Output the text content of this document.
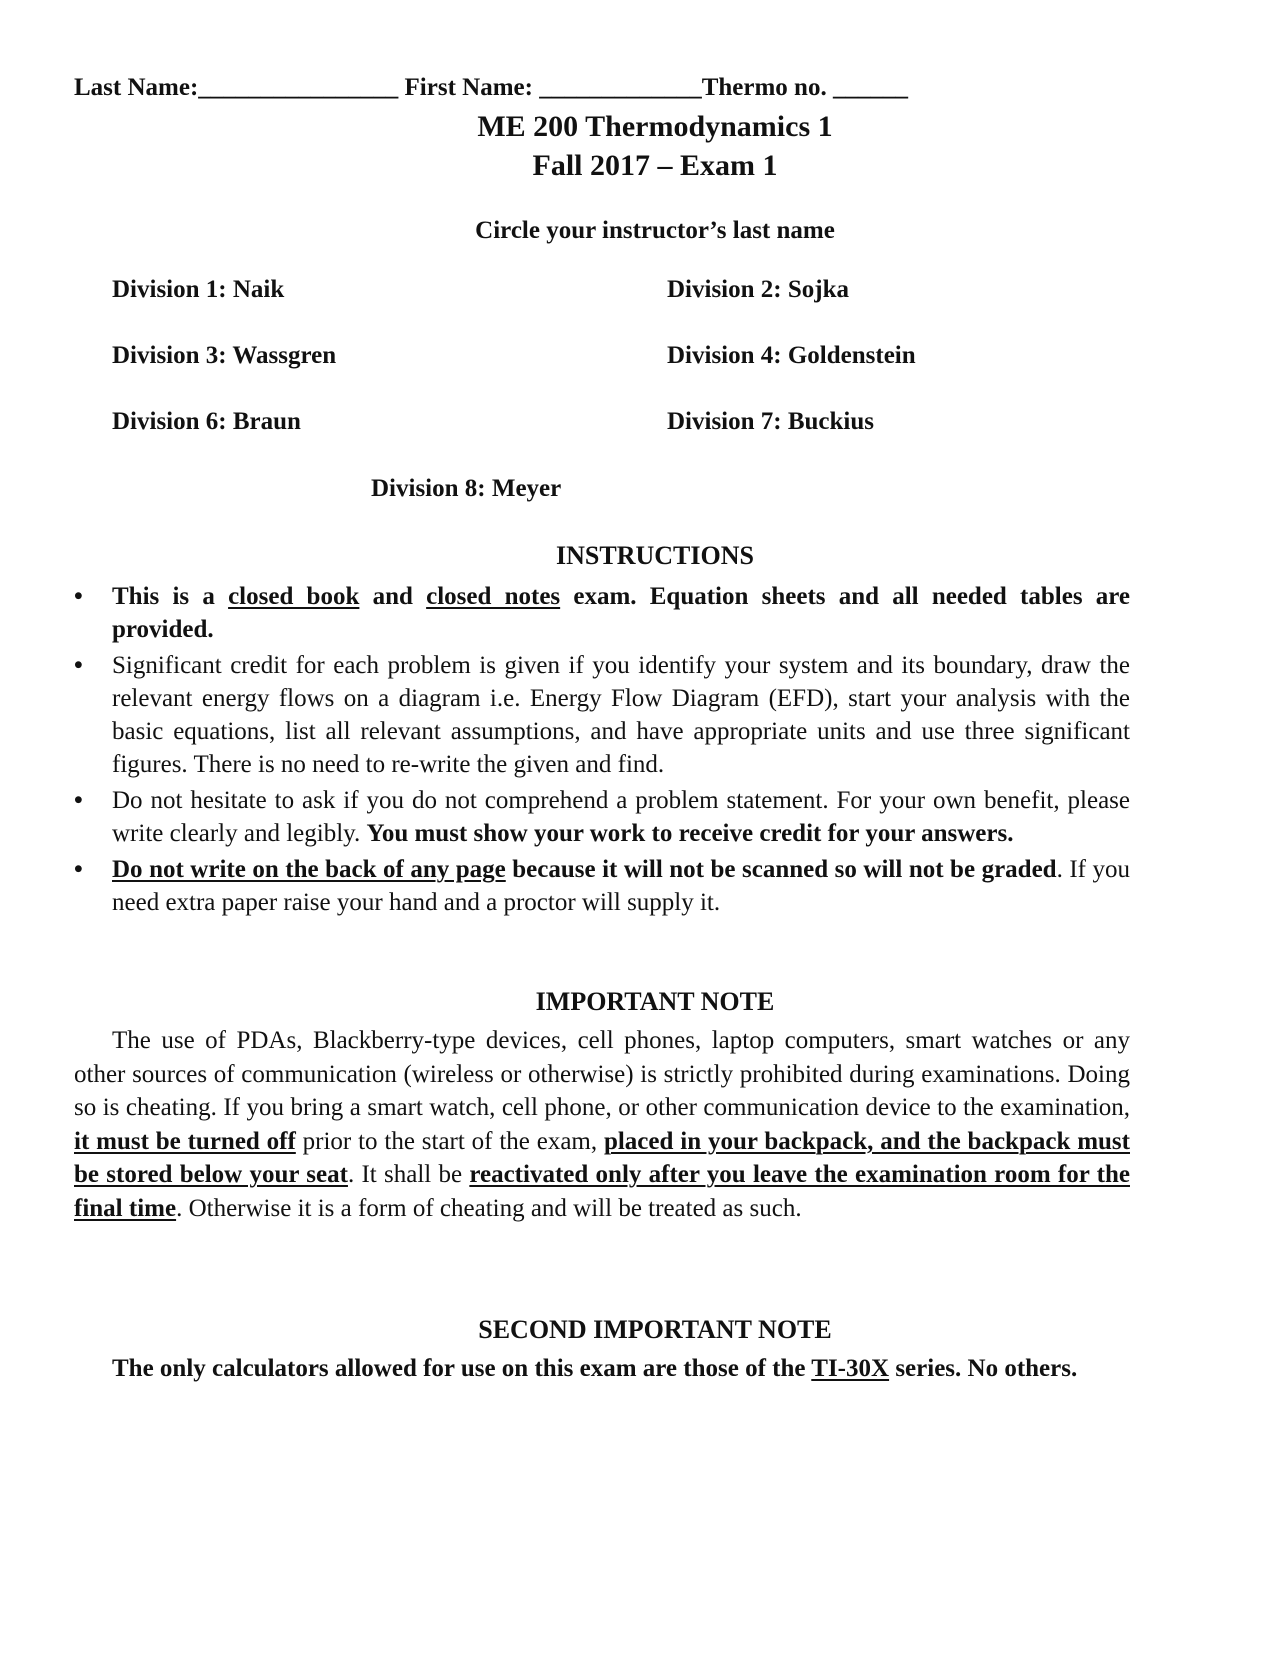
Last Name:________________ First Name: _____________Thermo no. ______
ME 200 Thermodynamics 1
Fall 2017 – Exam 1
Circle your instructor’s last name
Division 1: Naik	Division 2: Sojka
Division 3: Wassgren	Division 4: Goldenstein
Division 6: Braun	Division 7: Buckius
Division 8: Meyer
INSTRUCTIONS
• This is a closed book and closed notes exam. Equation sheets and all needed tables are provided.
• Significant credit for each problem is given if you identify your system and its boundary, draw the relevant energy flows on a diagram i.e. Energy Flow Diagram (EFD), start your analysis with the basic equations, list all relevant assumptions, and have appropriate units and use three significant figures. There is no need to re-write the given and find.
• Do not hesitate to ask if you do not comprehend a problem statement. For your own benefit, please write clearly and legibly. You must show your work to receive credit for your answers.
• Do not write on the back of any page because it will not be scanned so will not be graded. If you need extra paper raise your hand and a proctor will supply it.
IMPORTANT NOTE

The use of PDAs, Blackberry-type devices, cell phones, laptop computers, smart watches or any other sources of communication (wireless or otherwise) is strictly prohibited during examinations. Doing so is cheating. If you bring a smart watch, cell phone, or other communication device to the examination, it must be turned off prior to the start of the exam, placed in your backpack, and the backpack must be stored below your seat. It shall be reactivated only after you leave the examination room for the final time. Otherwise it is a form of cheating and will be treated as such.

SECOND IMPORTANT NOTE

The only calculators allowed for use on this exam are those of the TI-30X series. No others.
